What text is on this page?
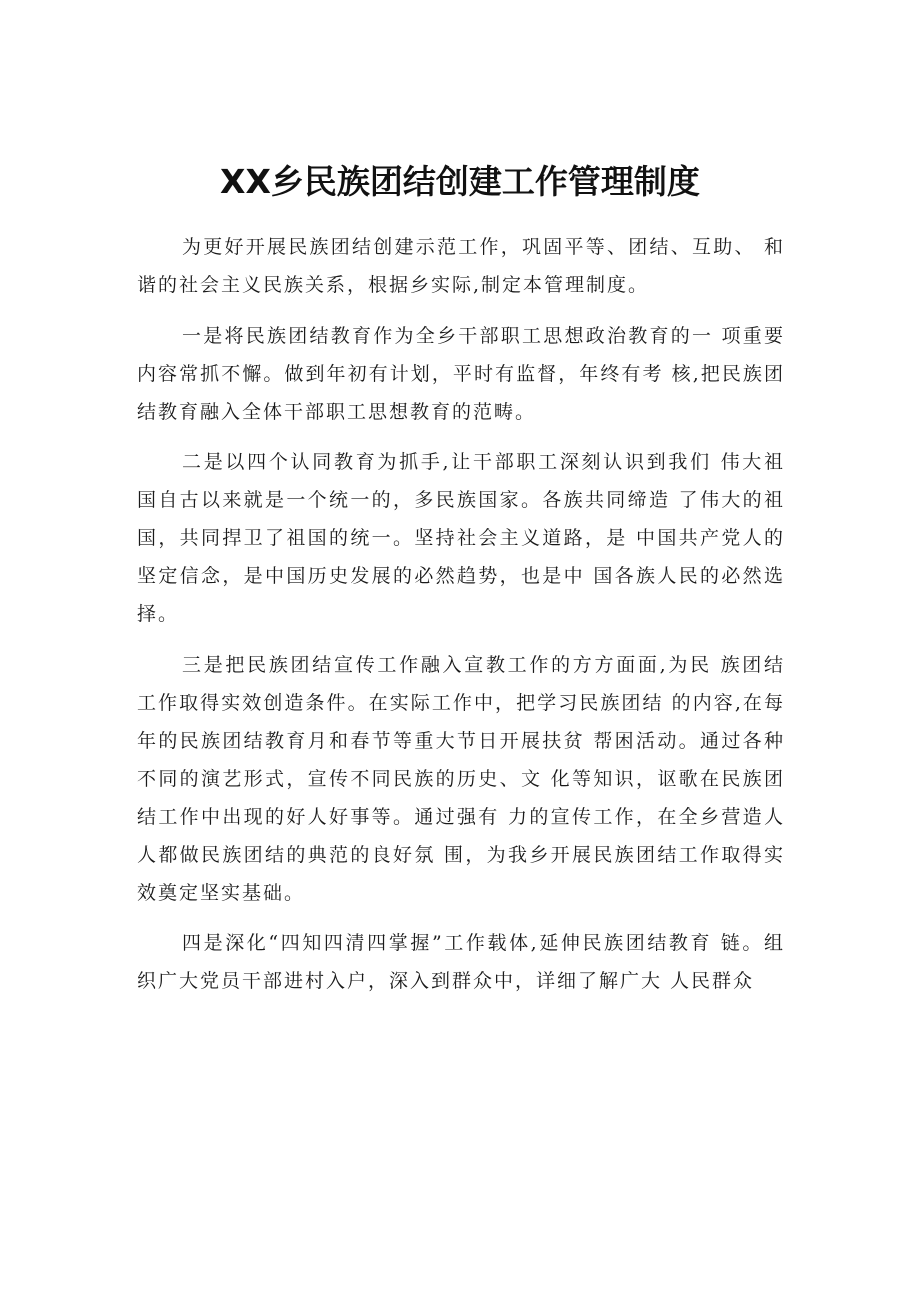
XX乡民族团结创建工作管理制度

为更好开展民族团结创建示范工作，巩固平等、团结、互助、 和谐的社会主义民族关系，根据乡实际,制定本管理制度。

一是将民族团结教育作为全乡干部职工思想政治教育的一 项重要内容常抓不懈。做到年初有计划，平时有监督，年终有考 核,把民族团结教育融入全体干部职工思想教育的范畴。

二是以四个认同教育为抓手,让干部职工深刻认识到我们 伟大祖国自古以来就是一个统一的，多民族国家。各族共同缔造 了伟大的祖国，共同捍卫了祖国的统一。坚持社会主义道路，是 中国共产党人的坚定信念，是中国历史发展的必然趋势，也是中 国各族人民的必然选择。

三是把民族团结宣传工作融入宣教工作的方方面面,为民 族团结工作取得实效创造条件。在实际工作中，把学习民族团结 的内容,在每年的民族团结教育月和春节等重大节日开展扶贫 帮困活动。通过各种不同的演艺形式，宣传不同民族的历史、文 化等知识，讴歌在民族团结工作中出现的好人好事等。通过强有 力的宣传工作，在全乡营造人人都做民族团结的典范的良好氛 围，为我乡开展民族团结工作取得实效奠定坚实基础。

四是深化“四知四清四掌握”工作载体,延伸民族团结教育 链。组织广大党员干部进村入户，深入到群众中，详细了解广大 人民群众
